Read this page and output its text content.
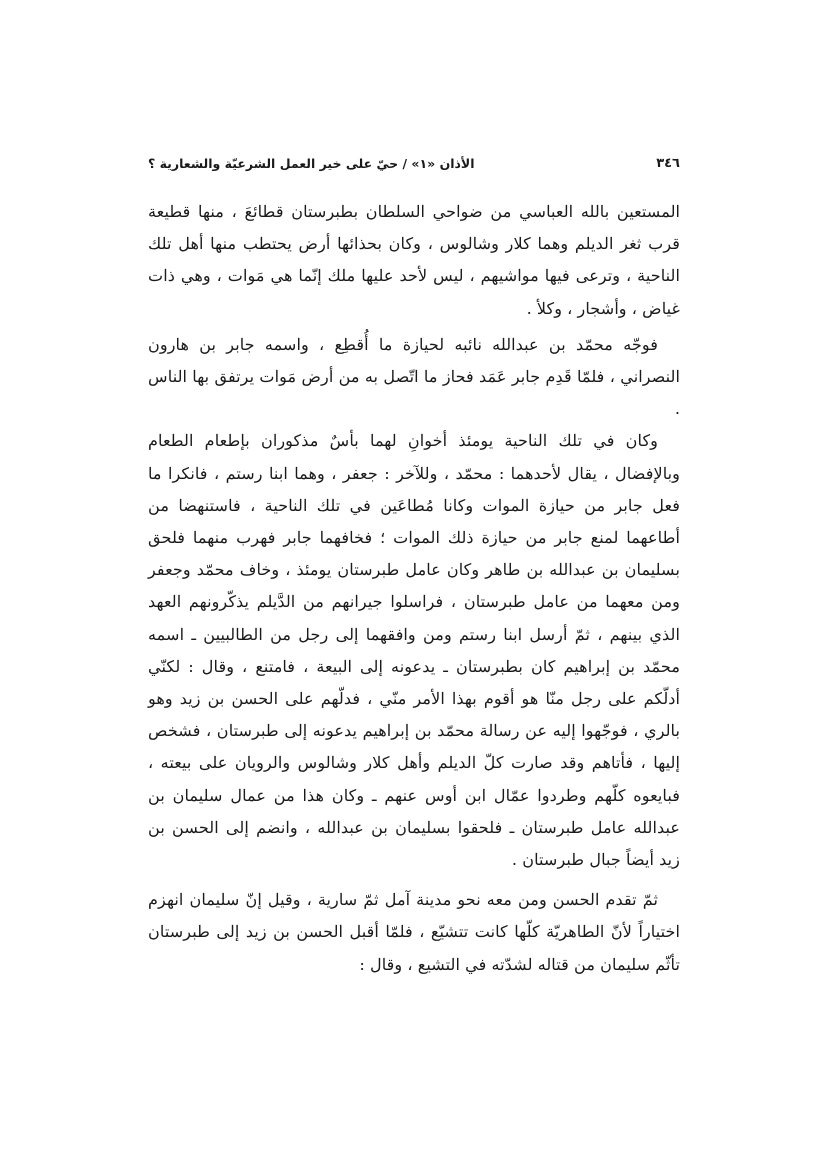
٣٤٦
الأذان «١» / حيّ على خير العمل الشرعيّة والشعارية ؟

المستعين بالله العباسي من ضواحي السلطان بطبرستان قطائعَ ، منها قطيعة قرب ثغر الديلم وهما كلار وشالوس ، وكان بحذائها أرض يحتطب منها أهل تلك الناحية ، وترعى فيها مواشيهم ، ليس لأحد عليها ملك إنّما هي مَوات ، وهي ذات غياض ، وأشجار ، وكلأ .

فوجّه محمّد بن عبدالله نائبه لحيازة ما أُقطِع ، واسمه جابر بن هارون النصراني ، فلمّا قَدِم جابر عَمَد فحاز ما اتّصل به من أرض مَوات يرتفق بها الناس .

وكان في تلك الناحية يومئذ أخوانِ لهما بأسٌ مذكوران بإطعام الطعام وبالإفضال ، يقال لأحدهما : محمّد ، وللآخر : جعفر ، وهما ابنا رستم ، فانكرا ما فعل جابر من حيازة الموات وكانا مُطاعَين في تلك الناحية ، فاستنهضا من أطاعهما لمنع جابر من حيازة ذلك الموات ؛ فخافهما جابر فهرب منهما فلحق بسليمان بن عبدالله بن طاهر وكان عامل طبرستان يومئذ ، وخاف محمّد وجعفر ومن معهما من عامل طبرستان ، فراسلوا جيرانهم من الدَّيلم يذكّرونهم العهد الذي بينهم ، ثمّ أرسل ابنا رستم ومن وافقهما إلى رجل من الطالبيين ـ اسمه محمّد بن إبراهيم كان بطبرستان ـ يدعونه إلى البيعة ، فامتنع ، وقال : لكنّي أدلّكم على رجل منّا هو أقوم بهذا الأمر منّي ، فدلّهم على الحسن بن زيد وهو بالري ، فوجّهوا إليه عن رسالة محمّد بن إبراهيم يدعونه إلى طبرستان ، فشخص إليها ، فأتاهم وقد صارت كلّ الديلم وأهل كلار وشالوس والرويان على بيعته ، فبايعوه كلّهم وطردوا عمّال ابن أوس عنهم ـ وكان هذا من عمال سليمان بن عبدالله عامل طبرستان ـ فلحقوا بسليمان بن عبدالله ، وانضم إلى الحسن بن زيد أيضاً جبال طبرستان .

ثمّ تقدم الحسن ومن معه نحو مدينة آمل ثمّ سارية ، وقيل إنّ سليمان انهزم اختياراً لأنّ الطاهريّة كلّها كانت تتشيّع ، فلمّا أقبل الحسن بن زيد إلى طبرستان تأثّم سليمان من قتاله لشدّته في التشيع ، وقال :
